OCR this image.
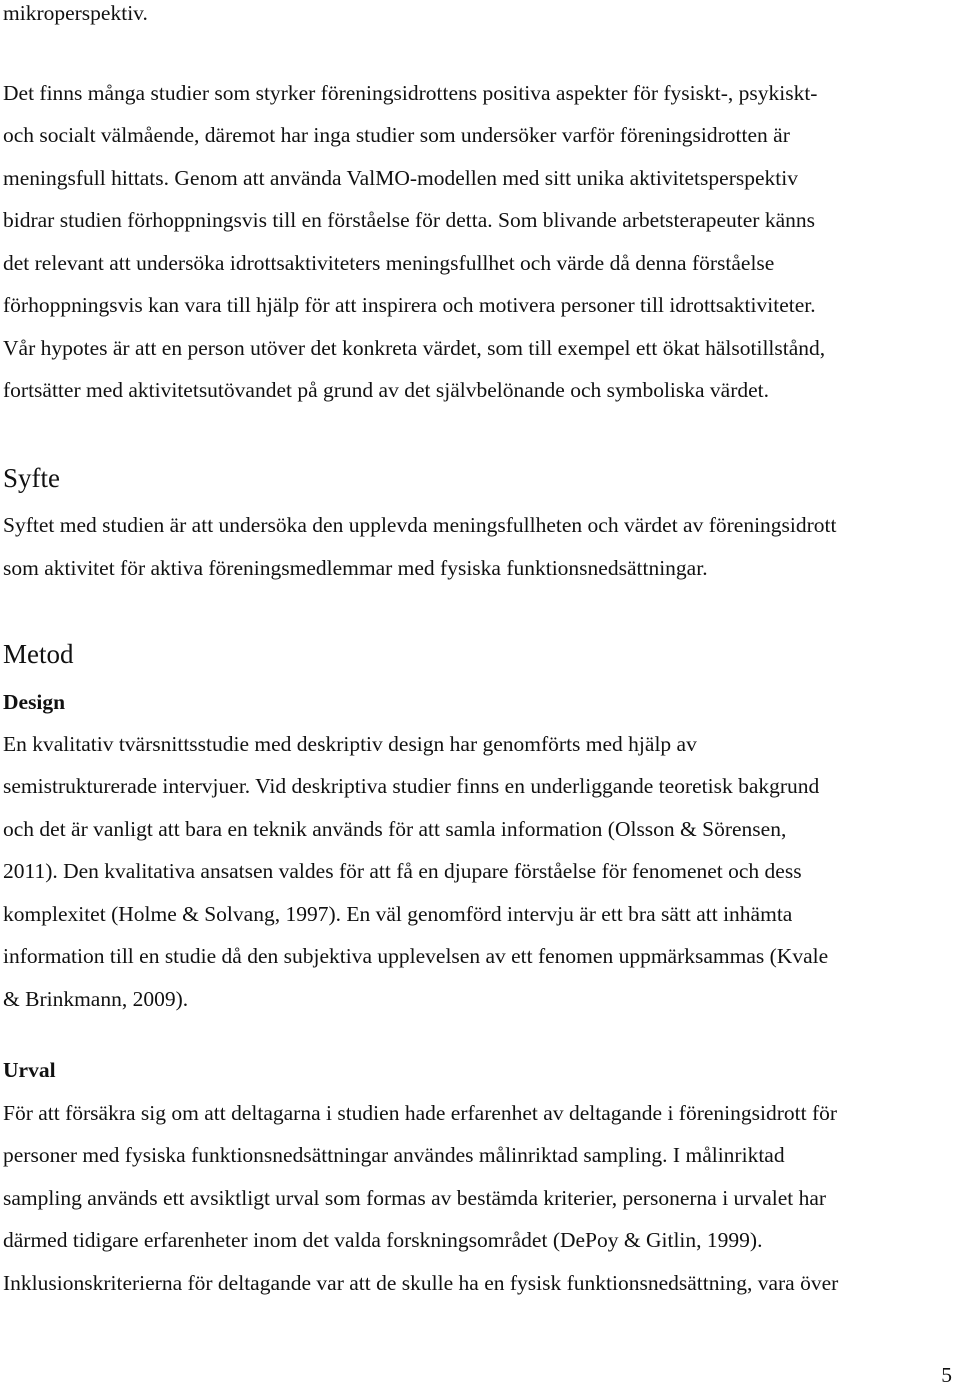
mikroperspektiv.

Det finns många studier som styrker föreningsidrottens positiva aspekter för fysiskt-, psykiskt-

och socialt välmående, däremot har inga studier som undersöker varför föreningsidrotten är

meningsfull hittats. Genom att använda ValMO-modellen med sitt unika aktivitetsperspektiv

bidrar studien förhoppningsvis till en förståelse för detta. Som blivande arbetsterapeuter känns

det relevant att undersöka idrottsaktiviteters meningsfullhet och värde då denna förståelse

förhoppningsvis kan vara till hjälp för att inspirera och motivera personer till idrottsaktiviteter.

Vår hypotes är att en person utöver det konkreta värdet, som till exempel ett ökat hälsotillstånd,

fortsätter med aktivitetsutövandet på grund av det självbelönande och symboliska värdet.

Syfte

Syftet med studien är att undersöka den upplevda meningsfullheten och värdet av föreningsidrott

som aktivitet för aktiva föreningsmedlemmar med fysiska funktionsnedsättningar.

Metod
Design

En kvalitativ tvärsnittsstudie med deskriptiv design har genomförts med hjälp av

semistrukturerade intervjuer. Vid deskriptiva studier finns en underliggande teoretisk bakgrund

och det är vanligt att bara en teknik används för att samla information (Olsson & Sörensen,

2011). Den kvalitativa ansatsen valdes för att få en djupare förståelse för fenomenet och dess

komplexitet (Holme & Solvang, 1997). En väl genomförd intervju är ett bra sätt att inhämta

information till en studie då den subjektiva upplevelsen av ett fenomen uppmärksammas (Kvale

& Brinkmann, 2009).

Urval

För att försäkra sig om att deltagarna i studien hade erfarenhet av deltagande i föreningsidrott för

personer med fysiska funktionsnedsättningar användes målinriktad sampling. I målinriktad

sampling används ett avsiktligt urval som formas av bestämda kriterier, personerna i urvalet har

därmed tidigare erfarenheter inom det valda forskningsområdet (DePoy & Gitlin, 1999).

Inklusionskriterierna för deltagande var att de skulle ha en fysisk funktionsnedsättning, vara över

5
